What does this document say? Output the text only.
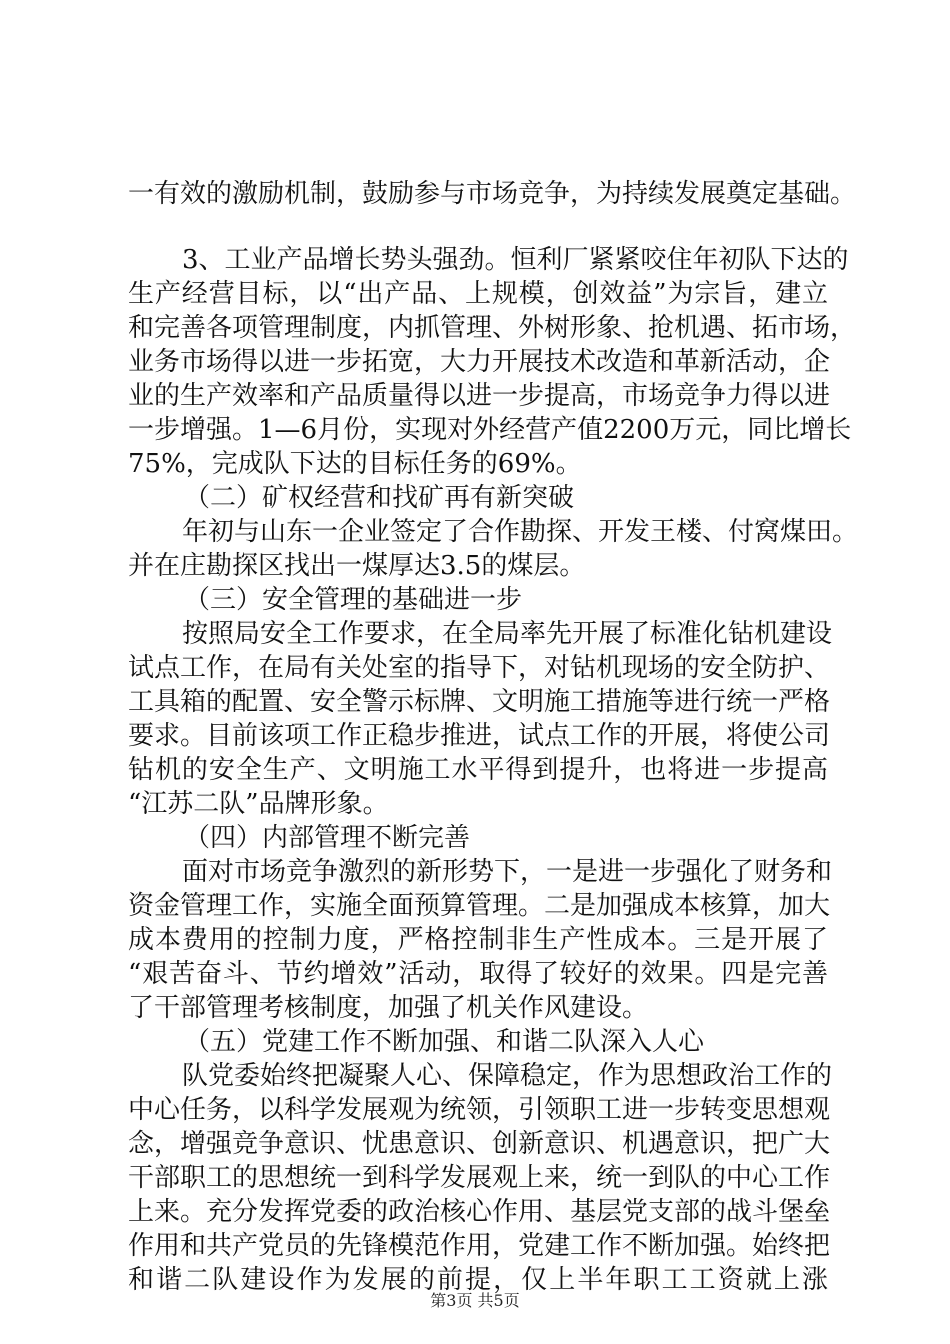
一有效的激励机制，鼓励参与市场竞争，为持续发展奠定基础。
3、工业产品增长势头强劲。恒利厂紧紧咬住年初队下达的
生产经营目标，以“出产品、上规模，创效益”为宗旨，建立
和完善各项管理制度，内抓管理、外树形象、抢机遇、拓市场，
业务市场得以进一步拓宽，大力开展技术改造和革新活动，企
业的生产效率和产品质量得以进一步提高，市场竞争力得以进
一步增强。1—6月份，实现对外经营产值2200万元，同比增长
75%，完成队下达的目标任务的69%。
（二）矿权经营和找矿再有新突破
年初与山东一企业签定了合作勘探、开发王楼、付窝煤田。
并在庄勘探区找出一煤厚达3.5的煤层。
（三）安全管理的基础进一步
按照局安全工作要求，在全局率先开展了标准化钻机建设
试点工作，在局有关处室的指导下，对钻机现场的安全防护、
工具箱的配置、安全警示标牌、文明施工措施等进行统一严格
要求。目前该项工作正稳步推进，试点工作的开展，将使公司
钻机的安全生产、文明施工水平得到提升，也将进一步提高
“江苏二队”品牌形象。
（四）内部管理不断完善
面对市场竞争激烈的新形势下，一是进一步强化了财务和
资金管理工作，实施全面预算管理。二是加强成本核算，加大
成本费用的控制力度，严格控制非生产性成本。三是开展了
“艰苦奋斗、节约增效”活动，取得了较好的效果。四是完善
了干部管理考核制度，加强了机关作风建设。
（五）党建工作不断加强、和谐二队深入人心
队党委始终把凝聚人心、保障稳定，作为思想政治工作的
中心任务，以科学发展观为统领，引领职工进一步转变思想观
念，增强竞争意识、忧患意识、创新意识、机遇意识，把广大
干部职工的思想统一到科学发展观上来，统一到队的中心工作
上来。充分发挥党委的政治核心作用、基层党支部的战斗堡垒
作用和共产党员的先锋模范作用，党建工作不断加强。始终把
和谐二队建设作为发展的前提，仅上半年职工工资就上涨
第3页 共5页
